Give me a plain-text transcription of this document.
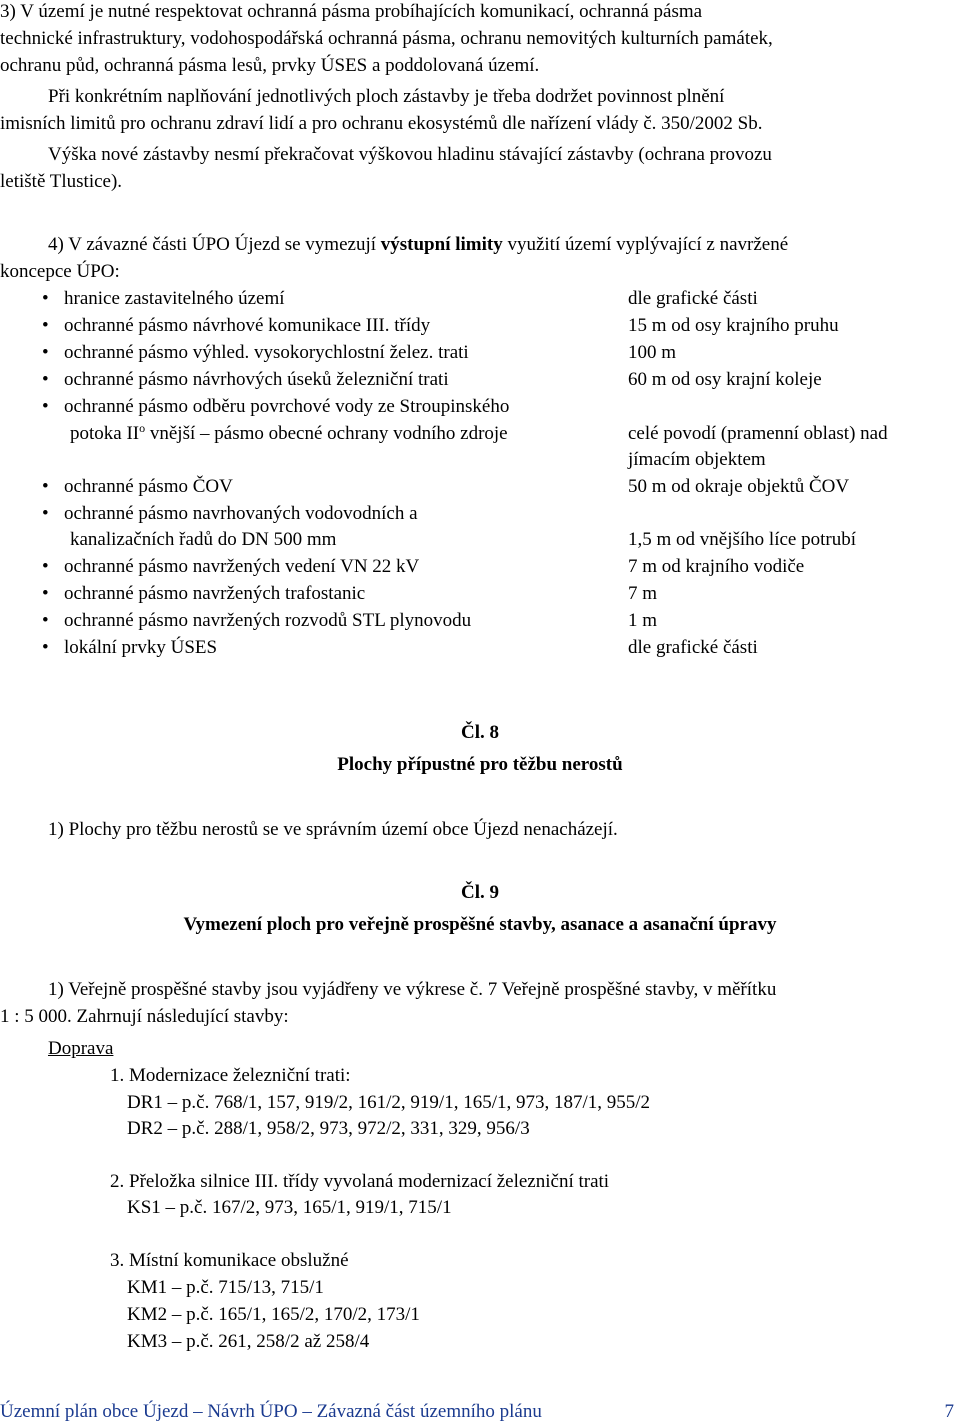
3) V území je nutné respektovat ochranná pásma probíhajících komunikací, ochranná pásma
technické infrastruktury, vodohospodářská ochranná pásma, ochranu nemovitých kulturních památek,
ochranu půd, ochranná pásma lesů, prvky ÚSES a poddolovaná území.
Při konkrétním naplňování jednotlivých ploch zástavby je třeba dodržet povinnost plnění
imisních limitů pro ochranu zdraví lidí a pro ochranu ekosystémů dle nařízení vlády č. 350/2002 Sb.
Výška nové zástavby nesmí překračovat výškovou hladinu stávající zástavby (ochrana provozu
letiště Tlustice).
4) V závazné části ÚPO Újezd se vymezují výstupní limity využití území vyplývající z navržené
koncepce ÚPO:
• hranice zastavitelného území	dle grafické části
• ochranné pásmo návrhové komunikace III. třídy	15 m od osy krajního pruhu
• ochranné pásmo výhled. vysokorychlostní želez. trati	100 m
• ochranné pásmo návrhových úseků železniční trati	60 m od osy krajní koleje
• ochranné pásmo odběru povrchové vody ze Stroupinského
potoka $II^o$ vnější – pásmo obecné ochrany vodního zdroje	celé povodí (pramenní oblast) nad
jímacím objektem
• ochranné pásmo ČOV	50 m od okraje objektů ČOV
• ochranné pásmo navrhovaných vodovodních a
kanalizačních řadů do DN 500 mm	1,5 m od vnějšího líce potrubí
• ochranné pásmo navržených vedení VN 22 kV	7 m od krajního vodiče
• ochranné pásmo navržených trafostanic	7 m
• ochranné pásmo navržených rozvodů STL plynovodu	1 m
• lokální prvky ÚSES	dle grafické části
Čl. 8
Plochy přípustné pro těžbu nerostů
1) Plochy pro těžbu nerostů se ve správním území obce Újezd nenacházejí.
Čl. 9
Vymezení ploch pro veřejně prospěšné stavby, asanace a asanační úpravy
1) Veřejně prospěšné stavby jsou vyjádřeny ve výkrese č. 7 Veřejně prospěšné stavby, v měřítku
1 : 5 000. Zahrnují následující stavby:
Doprava
1. Modernizace železniční trati:
DR1 – p.č. 768/1, 157, 919/2, 161/2, 919/1, 165/1, 973, 187/1, 955/2
DR2 – p.č. 288/1, 958/2, 973, 972/2, 331, 329, 956/3
2. Přeložka silnice III. třídy vyvolaná modernizací železniční trati
KS1 – p.č. 167/2, 973, 165/1, 919/1, 715/1
3. Místní komunikace obslužné
KM1 – p.č. 715/13, 715/1
KM2 – p.č. 165/1, 165/2, 170/2, 173/1
KM3 – p.č. 261, 258/2 až 258/4
Územní plán obce Újezd – Návrh ÚPO – Závazná část územního plánu	7
